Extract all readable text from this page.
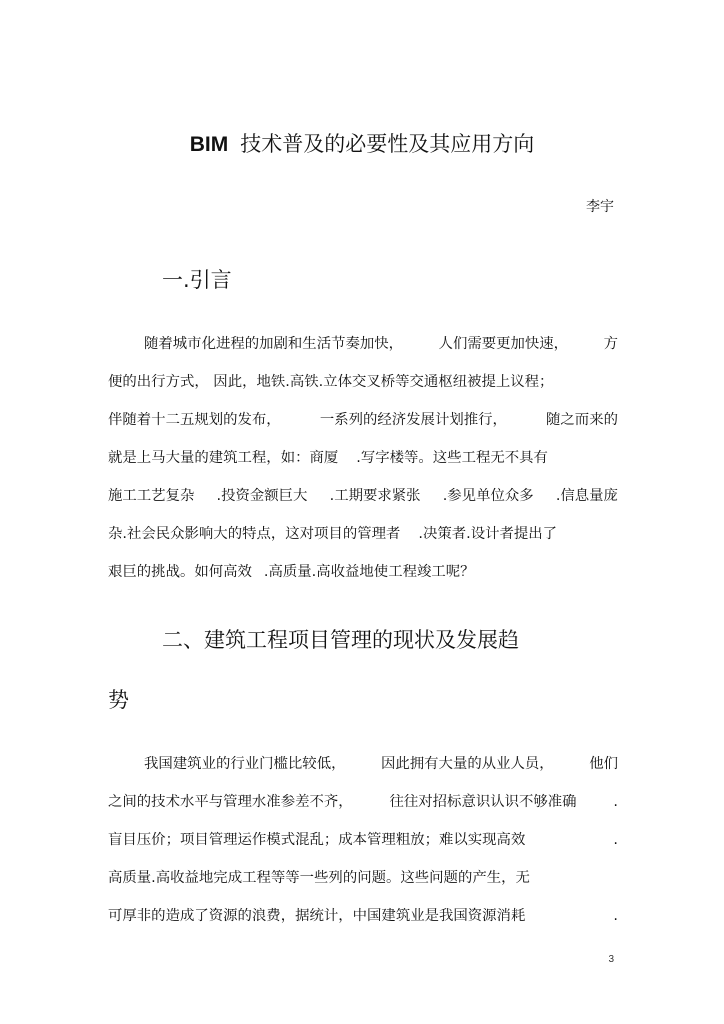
BIM 技术普及的必要性及其应用方向
李宇
一.引言
随着城市化进程的加剧和生活节奏加快， 人们需要更加快速， 方
便的出行方式， 因此，地铁.高铁.立体交叉桥等交通枢纽被提上议程；
伴随着十二五规划的发布，	一系列的经济发展计划推行，	随之而来的
就是上马大量的建筑工程，如：商厦 .写字楼等。这些工程无不具有
施工工艺复杂 .投资金额巨大 .工期要求紧张 .参见单位众多 .信息量庞
杂.社会民众影响大的特点，这对项目的管理者 .决策者.设计者提出了
艰巨的挑战。如何高效 .高质量.高收益地使工程竣工呢？
二、建筑工程项目管理的现状及发展趋
势
我国建筑业的行业门槛比较低， 因此拥有大量的从业人员， 他们
之间的技术水平与管理水准参差不齐，	往往对招标意识认识不够准确	.
盲目压价；项目管理运作模式混乱；成本管理粗放；难以实现高效	.
高质量.高收益地完成工程等等一些列的问题。这些问题的产生，无
可厚非的造成了资源的浪费，据统计，中国建筑业是我国资源消耗	.
3
